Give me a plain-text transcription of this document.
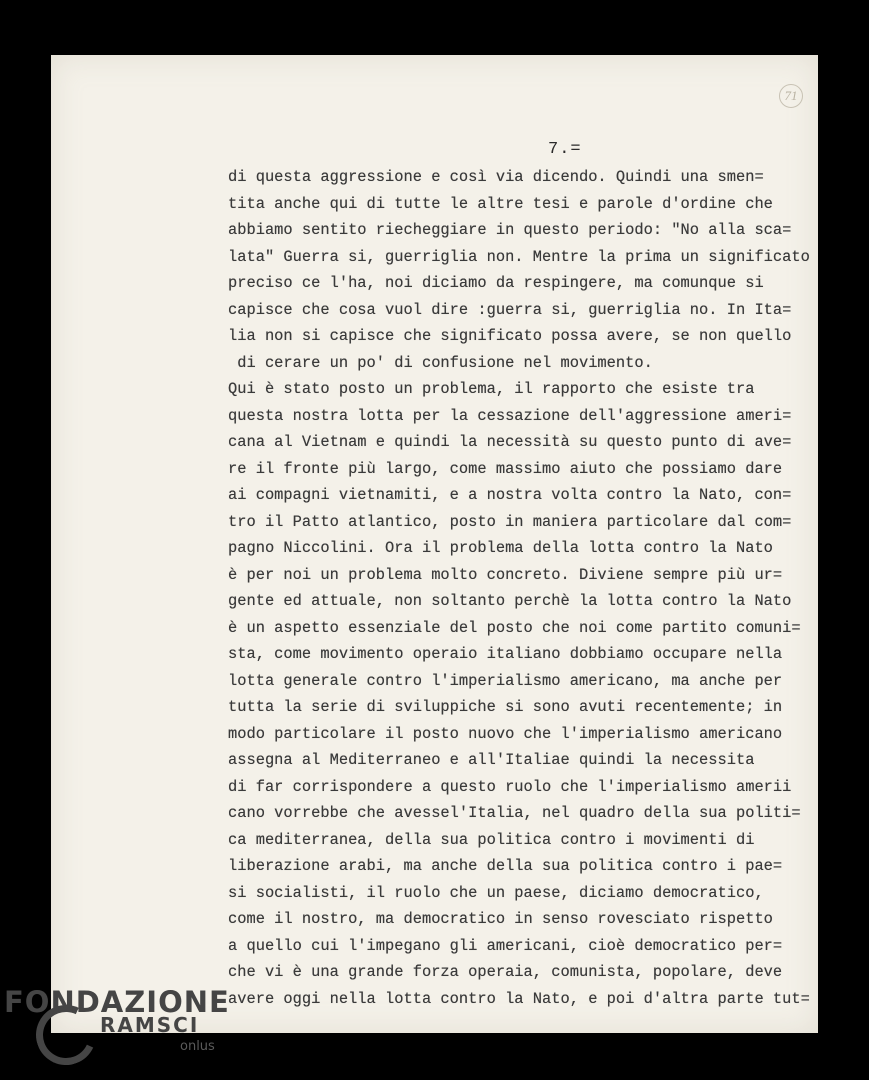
71
7.=
di questa aggressione e così via dicendo. Quindi una smen=
tita anche qui di tutte le altre tesi e parole d'ordine che
abbiamo sentito riecheggiare in questo periodo: "No alla sca=
lata" Guerra si, guerriglia non. Mentre la prima un significato
preciso ce l'ha, noi diciamo da respingere, ma comunque si
capisce che cosa vuol dire :guerra si, guerriglia no. In Ita=
lia non si capisce che significato possa avere, se non quello
di cerare un po' di confusione nel movimento.
Qui è stato posto un problema, il rapporto che esiste tra
questa nostra lotta per la cessazione dell'aggressione ameri=
cana al Vietnam e quindi la necessità su questo punto di ave=
re il fronte più largo, come massimo aiuto che possiamo dare
ai compagni vietnamiti, e a nostra volta contro la Nato, con=
tro il Patto atlantico, posto in maniera particolare dal com=
pagno Niccolini. Ora il problema della lotta contro la Nato
è per noi un problema molto concreto. Diviene sempre più ur=
gente ed attuale, non soltanto perchè la lotta contro la Nato
è un aspetto essenziale del posto che noi come partito comuni=
sta, come movimento operaio italiano dobbiamo occupare nella
lotta generale contro l'imperialismo americano, ma anche per
tutta la serie di sviluppiche si sono avuti recentemente; in
modo particolare il posto nuovo che l'imperialismo americano
assegna al Mediterraneo e all'Italiae quindi la necessita
di far corrispondere a questo ruolo che l'imperialismo amerii
cano vorrebbe che avessel'Italia, nel quadro della sua politi=
ca mediterranea, della sua politica contro i movimenti di
liberazione arabi, ma anche della sua politica contro i pae=
si socialisti, il ruolo che un paese, diciamo democratico,
come il nostro, ma democratico in senso rovesciato rispetto
a quello cui l'impegano gli americani, cioè democratico per=
che vi è una grande forza operaia, comunista, popolare, deve
avere oggi nella lotta contro la Nato, e poi d'altra parte tut=
FONDAZIONE
RAMSCI
onlus
